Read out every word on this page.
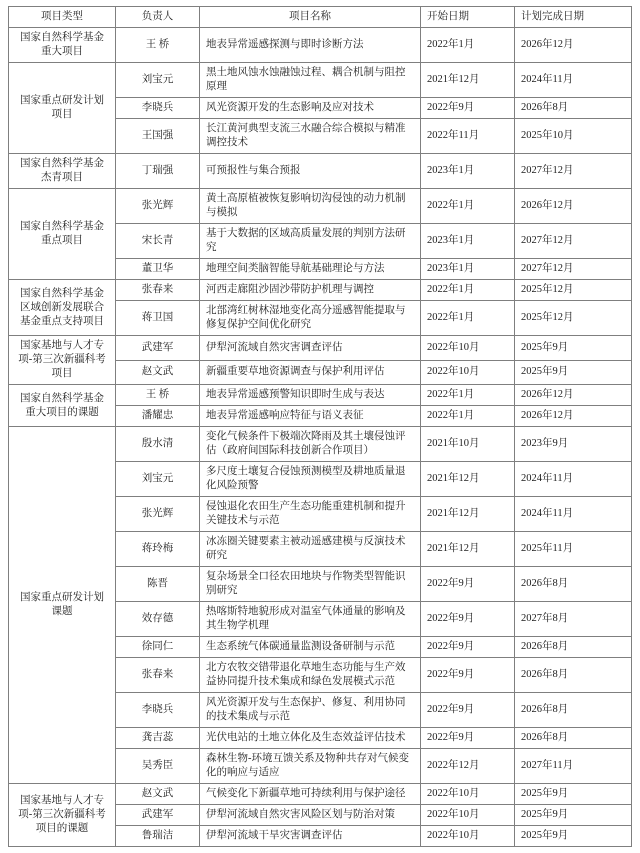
项目类型	负责人	项目名称	开始日期	计划完成日期
国家自然科学基金重大项目	王 桥	地表异常遥感探测与即时诊断方法	2022年1月	2026年12月
国家重点研发计划项目	刘宝元	黑土地风蚀水蚀融蚀过程、耦合机制与阻控原理	2021年12月	2024年11月
	李晓兵	风光资源开发的生态影响及应对技术	2022年9月	2026年8月
	王国强	长江黄河典型支流三水融合综合模拟与精准调控技术	2022年11月	2025年10月
国家自然科学基金杰青项目	丁瑞强	可预报性与集合预报	2023年1月	2027年12月
国家自然科学基金重点项目	张光辉	黄土高原植被恢复影响切沟侵蚀的动力机制与模拟	2022年1月	2026年12月
	宋长青	基于大数据的区域高质量发展的判别方法研究	2023年1月	2027年12月
	董卫华	地理空间类脑智能导航基础理论与方法	2023年1月	2027年12月
国家自然科学基金区域创新发展联合基金重点支持项目	张春来	河西走廊阻沙固沙带防护机理与调控	2022年1月	2025年12月
	蒋卫国	北部湾红树林湿地变化高分遥感智能提取与修复保护空间优化研究	2022年1月	2025年12月
国家基地与人才专项-第三次新疆科考项目	武建军	伊犁河流域自然灾害调查评估	2022年10月	2025年9月
	赵文武	新疆重要草地资源调查与保护利用评估	2022年10月	2025年9月
国家自然科学基金重大项目的课题	王 桥	地表异常遥感预警知识即时生成与表达	2022年1月	2026年12月
	潘耀忠	地表异常遥感响应特征与语义表征	2022年1月	2026年12月
国家重点研发计划课题	殷水清	变化气候条件下极端次降雨及其土壤侵蚀评估（政府间国际科技创新合作项目）	2021年10月	2023年9月
	刘宝元	多尺度土壤复合侵蚀预测模型及耕地质量退化风险预警	2021年12月	2024年11月
	张光辉	侵蚀退化农田生产生态功能重建机制和提升关键技术与示范	2021年12月	2024年11月
	蒋玲梅	冰冻圈关键要素主被动遥感建模与反演技术研究	2021年12月	2025年11月
	陈晋	复杂场景全口径农田地块与作物类型智能识别研究	2022年9月	2026年8月
	效存德	热喀斯特地貌形成对温室气体通量的影响及其生物学机理	2022年9月	2027年8月
	徐同仁	生态系统气体碳通量监测设备研制与示范	2022年9月	2026年8月
	张春来	北方农牧交错带退化草地生态功能与生产效益协同提升技术集成和绿色发展模式示范	2022年9月	2026年8月
	李晓兵	风光资源开发与生态保护、修复、利用协同的技术集成与示范	2022年9月	2026年8月
	龚吉蕊	光伏电站的土地立体化及生态效益评估技术	2022年9月	2026年8月
	吴秀臣	森林生物-环境互馈关系及物种共存对气候变化的响应与适应	2022年12月	2027年11月
国家基地与人才专项-第三次新疆科考项目的课题	赵文武	气候变化下新疆草地可持续利用与保护途径	2022年10月	2025年9月
	武建军	伊犁河流域自然灾害风险区划与防治对策	2022年10月	2025年9月
	鲁瑞洁	伊犁河流域干旱灾害调查评估	2022年10月	2025年9月
